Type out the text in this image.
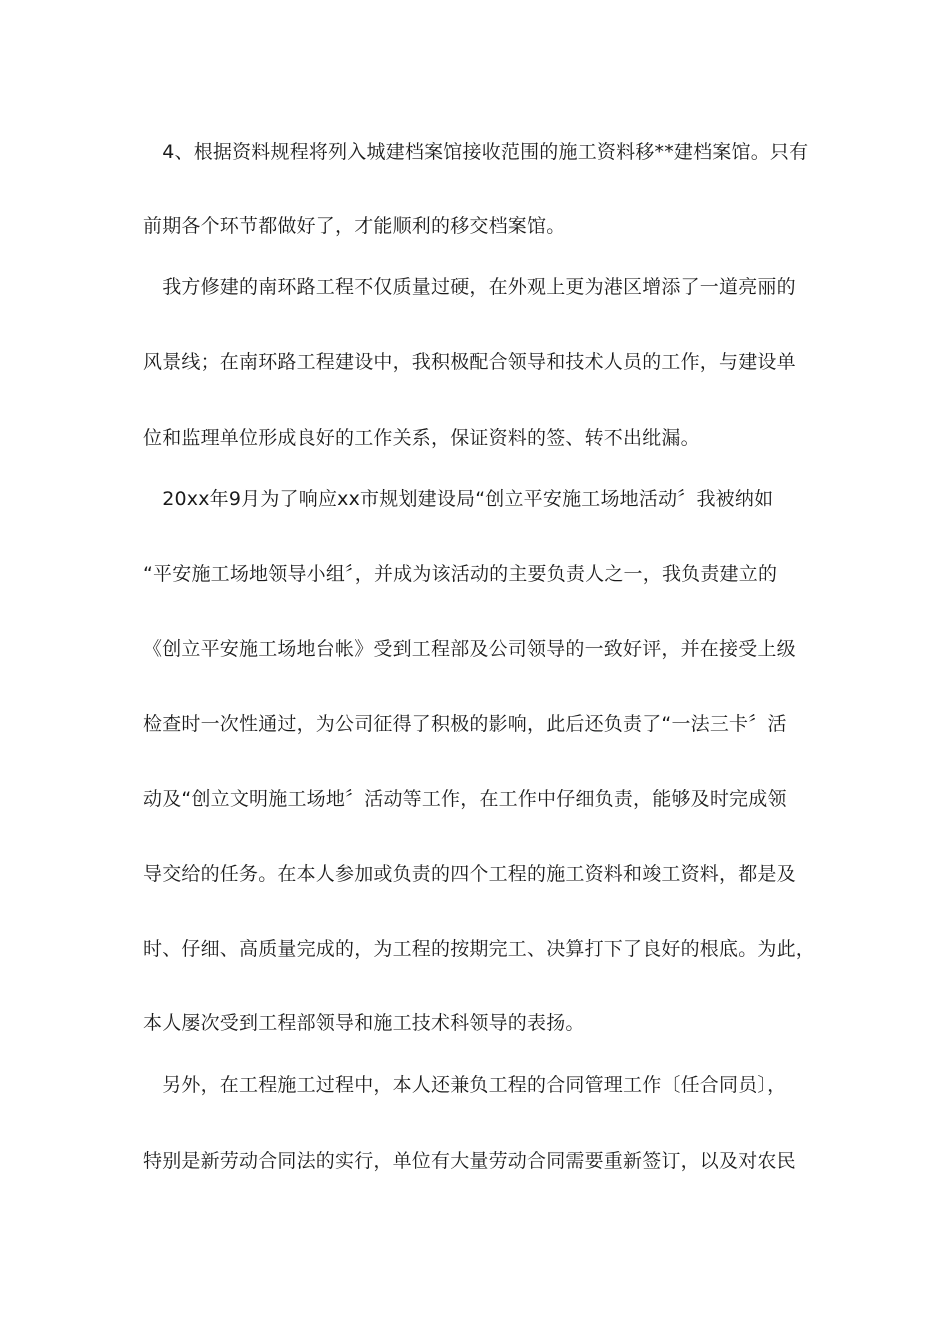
　4、根据资料规程将列入城建档案馆接收范围的施工资料移**建档案馆。只有
前期各个环节都做好了，才能顺利的移交档案馆。
　我方修建的南环路工程不仅质量过硬，在外观上更为港区增添了一道亮丽的
风景线；在南环路工程建设中，我积极配合领导和技术人员的工作，与建设单
位和监理单位形成良好的工作关系，保证资料的签、转不出纰漏。
　20xx年9月为了响应xx市规划建设局“创立平安施工场地活动〞我被纳如
“平安施工场地领导小组〞，并成为该活动的主要负责人之一，我负责建立的
《创立平安施工场地台帐》受到工程部及公司领导的一致好评，并在接受上级
检查时一次性通过，为公司征得了积极的影响，此后还负责了“一法三卡〞活
动及“创立文明施工场地〞活动等工作，在工作中仔细负责，能够及时完成领
导交给的任务。在本人参加或负责的四个工程的施工资料和竣工资料，都是及
时、仔细、高质量完成的，为工程的按期完工、决算打下了良好的根底。为此，
本人屡次受到工程部领导和施工技术科领导的表扬。
　另外，在工程施工过程中，本人还兼负工程的合同管理工作〔任合同员〕，
特别是新劳动合同法的实行，单位有大量劳动合同需要重新签订，以及对农民
